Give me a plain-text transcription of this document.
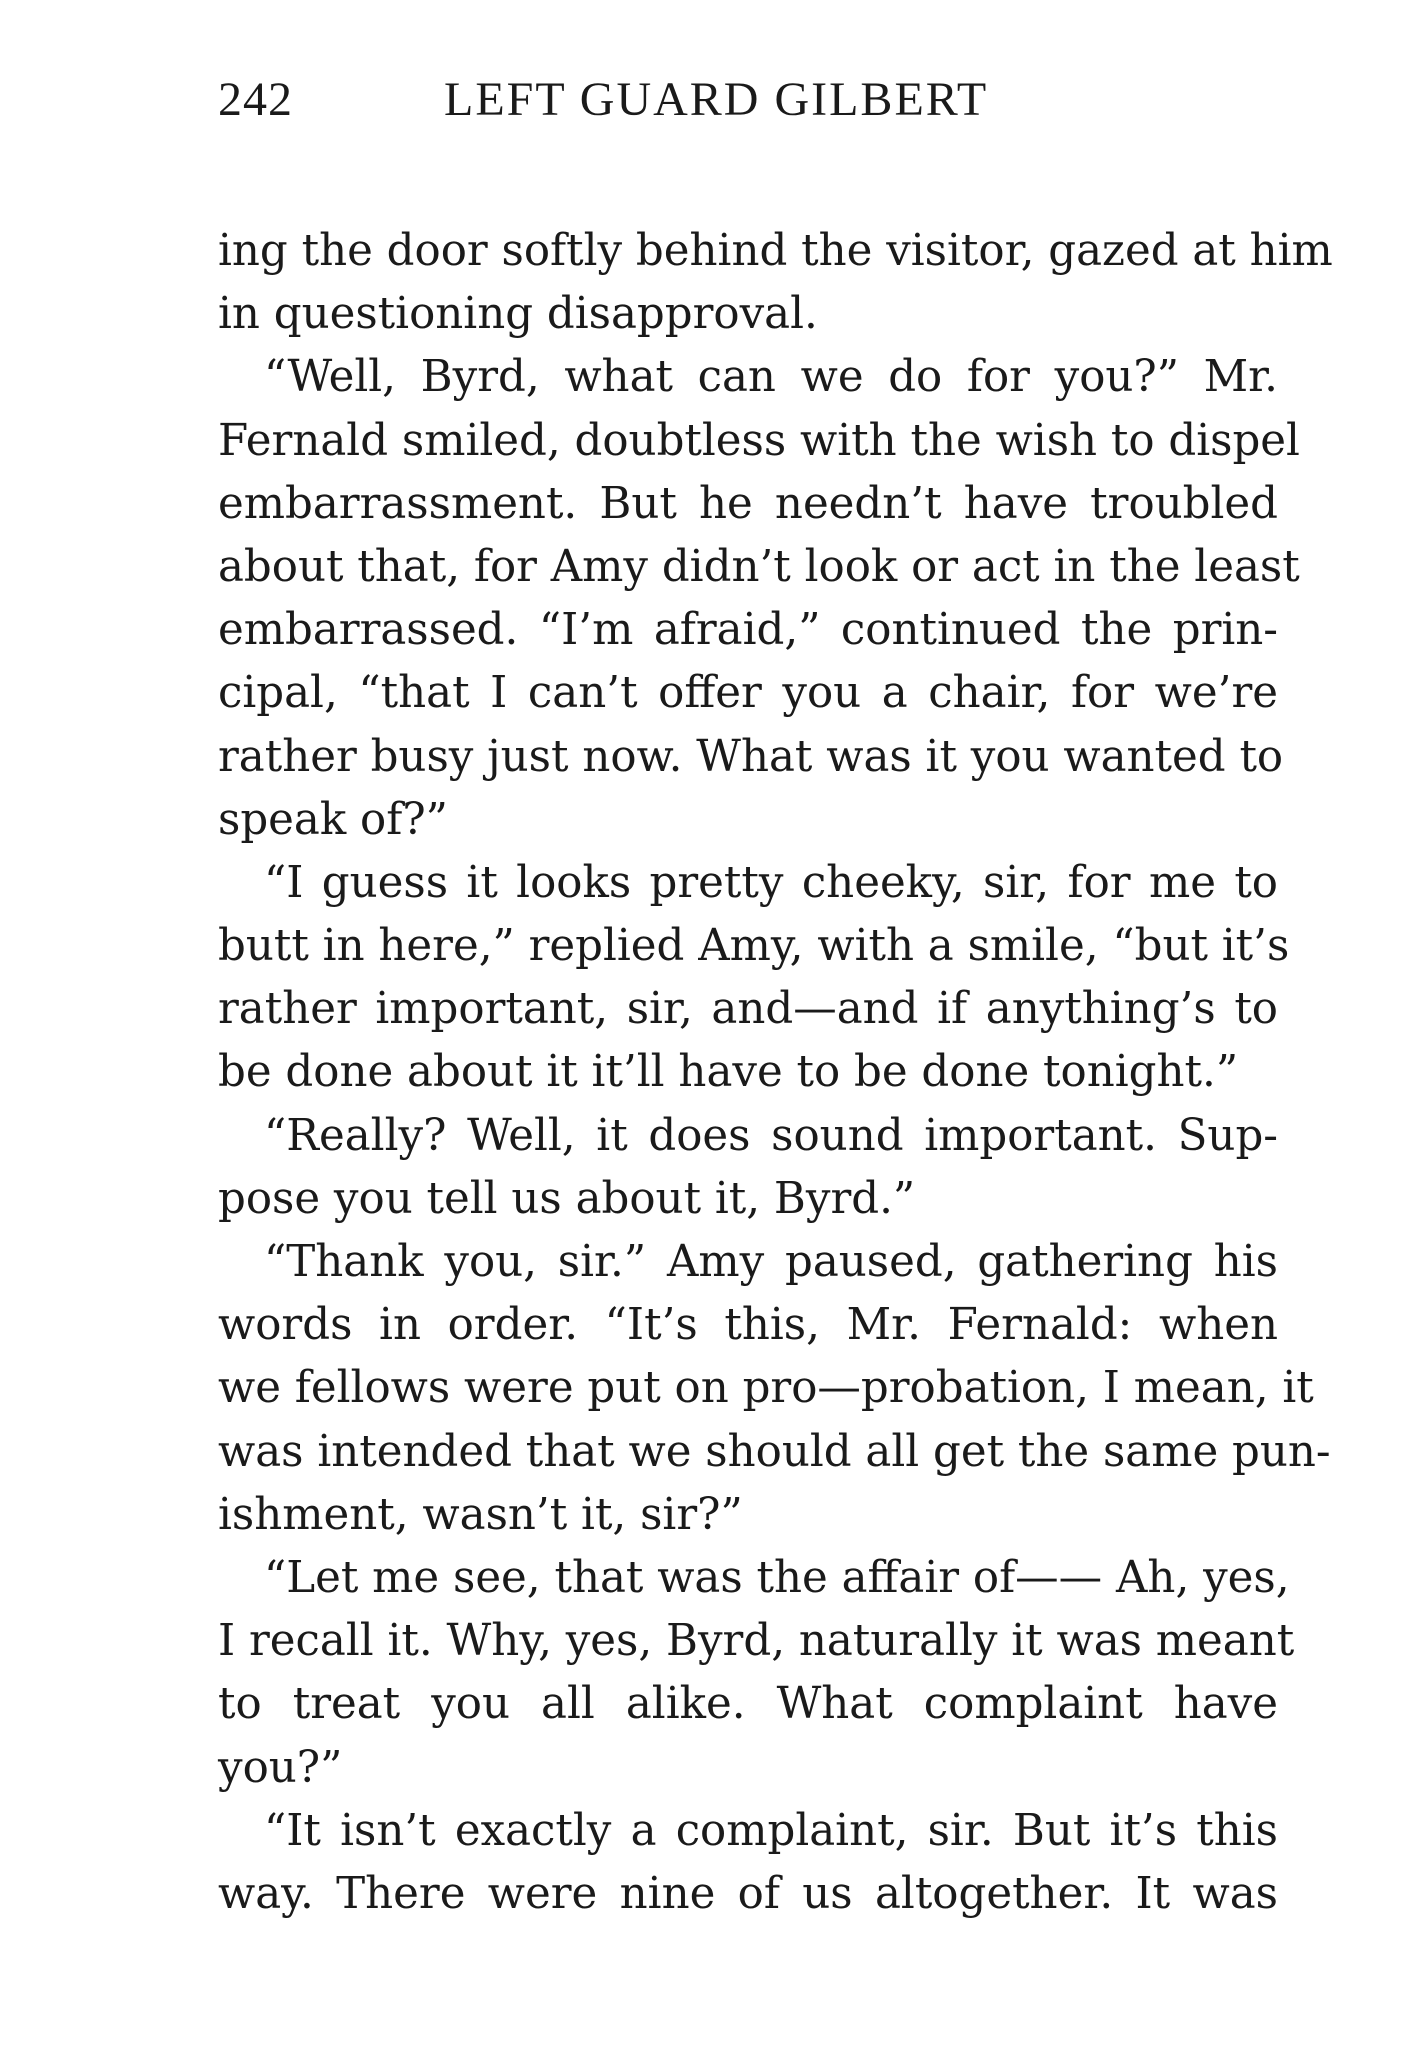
242	LEFT GUARD GILBERT
ing the door softly behind the visitor, gazed at him
in questioning disapproval.
“Well, Byrd, what can we do for you?” Mr.
Fernald smiled, doubtless with the wish to dispel
embarrassment. But he needn’t have troubled
about that, for Amy didn’t look or act in the least
embarrassed. “I’m afraid,” continued the prin-
cipal, “that I can’t offer you a chair, for we’re
rather busy just now. What was it you wanted to
speak of?”
“I guess it looks pretty cheeky, sir, for me to
butt in here,” replied Amy, with a smile, “but it’s
rather important, sir, and—and if anything’s to
be done about it it’ll have to be done tonight.”
“Really? Well, it does sound important. Sup-
pose you tell us about it, Byrd.”
“Thank you, sir.” Amy paused, gathering his
words in order. “It’s this, Mr. Fernald: when
we fellows were put on pro—probation, I mean, it
was intended that we should all get the same pun-
ishment, wasn’t it, sir?”
“Let me see, that was the affair of—— Ah, yes,
I recall it. Why, yes, Byrd, naturally it was meant
to treat you all alike. What complaint have
you?”
“It isn’t exactly a complaint, sir. But it’s this
way. There were nine of us altogether. It was
